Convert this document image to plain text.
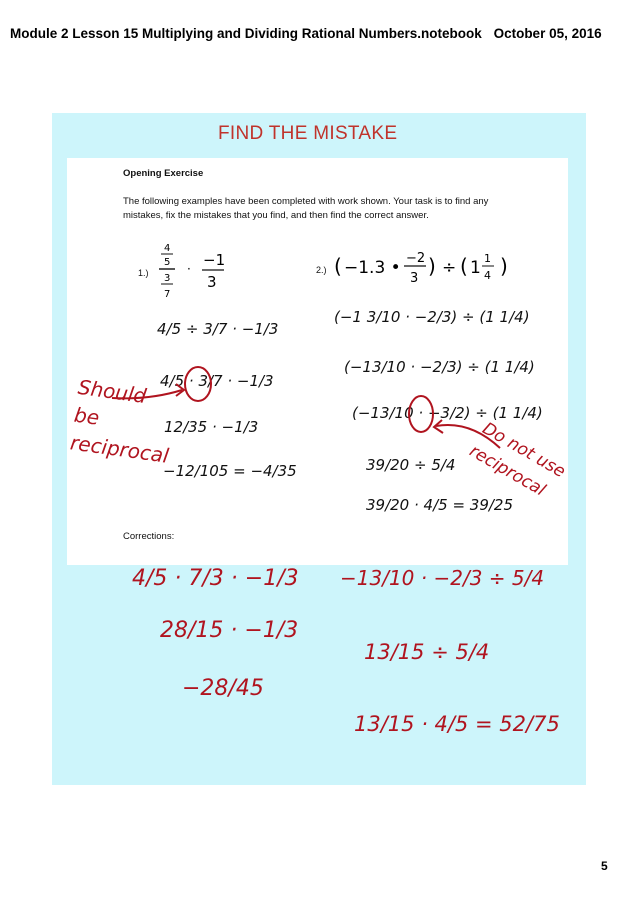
Module 2 Lesson 15 Multiplying and Dividing Rational Numbers.notebook October 05, 2016
FIND THE MISTAKE
Opening Exercise
The following examples have been completed with work shown. Your task is to find any
mistakes, fix the mistakes that you find, and then find the correct answer.
1.)
4
5
3
7
· −1
3
2.) ( −1.3 • −2
3
) ÷ ( 1 1
4 )
4/5 ÷ 3/7 · −1/3
4/5 · 3/7 · −1/3
12/35 · −1/3
−12/105 = −4/35
(−1 3/10 · −2/3) ÷ (1 1/4)
(−13/10 · −2/3) ÷ (1 1/4)
(−13/10 · −3/2) ÷ (1 1/4)
39/20 ÷ 5/4
39/20 · 4/5 = 39/25
Corrections:
Should be reciprocal	Do not use reciprocal
4/5 · 7/3 · −1/3
28/15 · −1/3
−28/45
−13/10 · −2/3 ÷ 5/4
13/15 ÷ 5/4
13/15 · 4/5 = 52/75
5
